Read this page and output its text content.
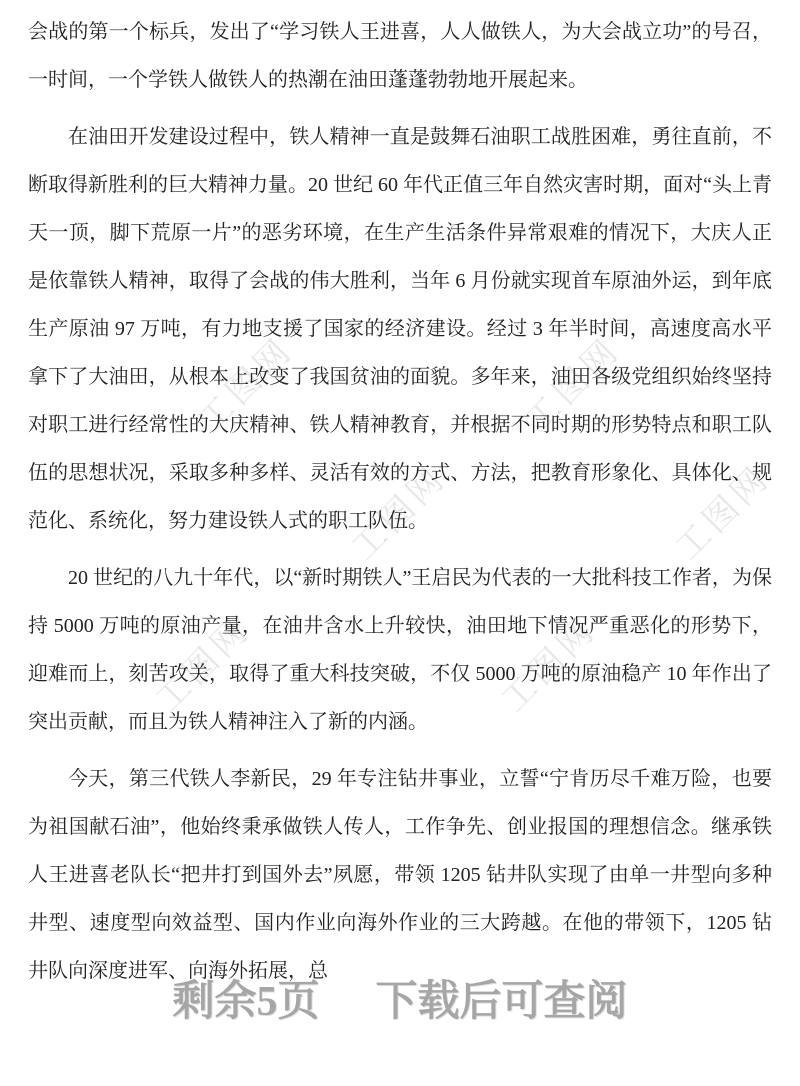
工图网	工图网
工图网	工图网
工图网	工图网

会战的第一个标兵，发出了“学习铁人王进喜，人人做铁人，为大会战立功”的号召，一时间，一个学铁人做铁人的热潮在油田蓬蓬勃勃地开展起来。

在油田开发建设过程中，铁人精神一直是鼓舞石油职工战胜困难，勇往直前，不断取得新胜利的巨大精神力量。20 世纪 60 年代正值三年自然灾害时期，面对“头上青天一顶，脚下荒原一片”的恶劣环境，在生产生活条件异常艰难的情况下，大庆人正是依靠铁人精神，取得了会战的伟大胜利，当年 6 月份就实现首车原油外运，到年底生产原油 97 万吨，有力地支援了国家的经济建设。经过 3 年半时间，高速度高水平拿下了大油田，从根本上改变了我国贫油的面貌。多年来，油田各级党组织始终坚持对职工进行经常性的大庆精神、铁人精神教育，并根据不同时期的形势特点和职工队伍的思想状况，采取多种多样、灵活有效的方式、方法，把教育形象化、具体化、规范化、系统化，努力建设铁人式的职工队伍。

20 世纪的八九十年代，以“新时期铁人”王启民为代表的一大批科技工作者，为保持 5000 万吨的原油产量，在油井含水上升较快，油田地下情况严重恶化的形势下，迎难而上，刻苦攻关，取得了重大科技突破，不仅 5000 万吨的原油稳产 10 年作出了突出贡献，而且为铁人精神注入了新的内涵。

今天，第三代铁人李新民，29 年专注钻井事业，立誓“宁肯历尽千难万险，也要为祖国献石油”，他始终秉承做铁人传人，工作争先、创业报国的理想信念。继承铁人王进喜老队长“把井打到国外去”夙愿，带领 1205 钻井队实现了由单一井型向多种井型、速度型向效益型、国内作业向海外作业的三大跨越。在他的带领下，1205 钻井队向深度进军、向海外拓展，总

剩余5页 下载后可查阅
